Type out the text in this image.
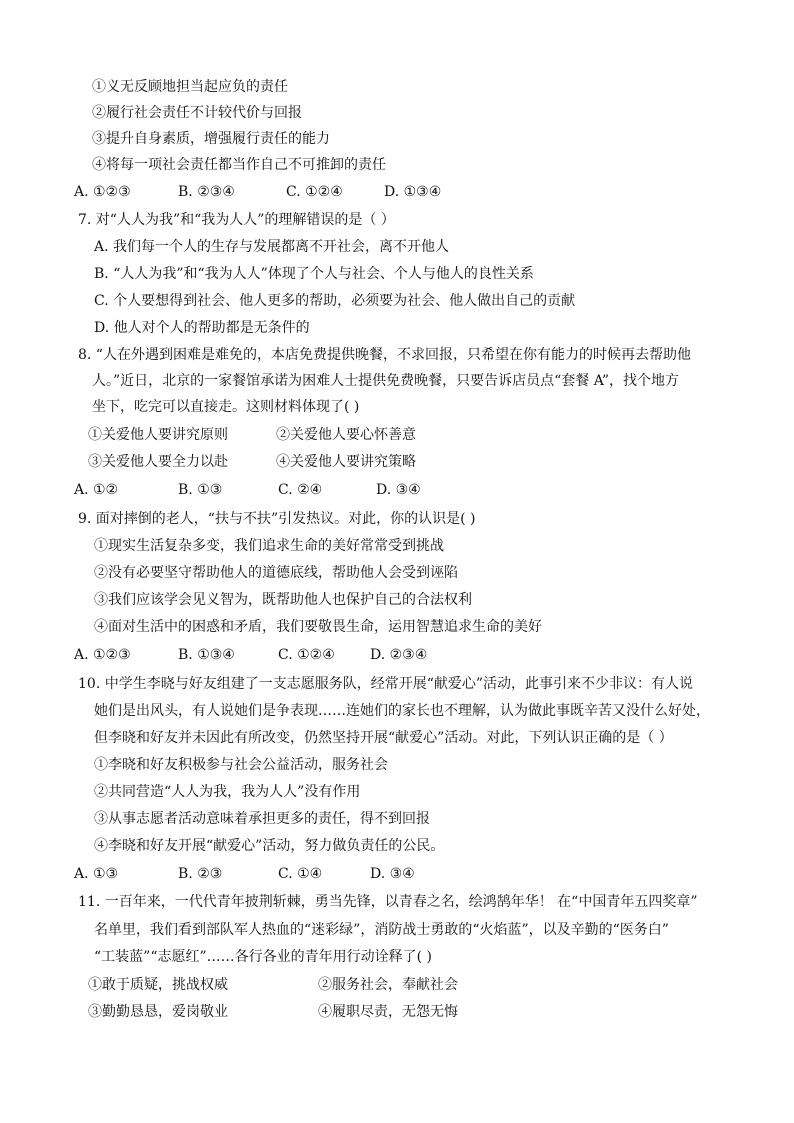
①义无反顾地担当起应负的责任
②履行社会责任不计较代价与回报
③提升自身素质，增强履行责任的能力
④将每一项社会责任都当作自己不可推卸的责任
A. ①②③	B. ②③④	C. ①②④	D. ①③④
7. 对“人人为我”和“我为人人”的理解错误的是（ ）
A. 我们每一个人的生存与发展都离不开社会，离不开他人
B. “人人为我”和“我为人人”体现了个人与社会、个人与他人的良性关系
C. 个人要想得到社会、他人更多的帮助，必须要为社会、他人做出自己的贡献
D. 他人对个人的帮助都是无条件的
8. “人在外遇到困难是难免的，本店免费提供晚餐，不求回报，只希望在你有能力的时候再去帮助他
人。”近日，北京的一家餐馆承诺为困难人士提供免费晚餐，只要告诉店员点“套餐 A”，找个地方
坐下，吃完可以直接走。这则材料体现了( )
①关爱他人要讲究原则	②关爱他人要心怀善意
③关爱他人要全力以赴	④关爱他人要讲究策略
A. ①②	B. ①③	C. ②④	D. ③④
9. 面对摔倒的老人，“扶与不扶”引发热议。对此，你的认识是( )
①现实生活复杂多变，我们追求生命的美好常常受到挑战
②没有必要坚守帮助他人的道德底线，帮助他人会受到诬陷
③我们应该学会见义智为，既帮助他人也保护自己的合法权利
④面对生活中的困惑和矛盾，我们要敬畏生命，运用智慧追求生命的美好
A. ①②③	B. ①③④	C. ①②④	D. ②③④
10. 中学生李晓与好友组建了一支志愿服务队，经常开展“献爱心”活动，此事引来不少非议：有人说
她们是出风头，有人说她们是争表现……连她们的家长也不理解，认为做此事既辛苦又没什么好处，
但李晓和好友并未因此有所改变，仍然坚持开展“献爱心”活动。对此，下列认识正确的是（ ）
①李晓和好友积极参与社会公益活动，服务社会
②共同营造“人人为我，我为人人”没有作用
③从事志愿者活动意味着承担更多的责任，得不到回报
④李晓和好友开展“献爱心”活动，努力做负责任的公民。
A. ①③	B. ②③	C. ①④	D. ③④
11. 一百年来，一代代青年披荆斩棘，勇当先锋，以青春之名，绘鸿鹄年华！ 在“中国青年五四奖章”
名单里，我们看到部队军人热血的“迷彩绿”，消防战士勇敢的“火焰蓝”，以及辛勤的“医务白”
“工装蓝”“志愿红”……各行各业的青年用行动诠释了( )
①敢于质疑，挑战权威	②服务社会，奉献社会
③勤勤恳恳，爱岗敬业	④履职尽责，无怨无悔
